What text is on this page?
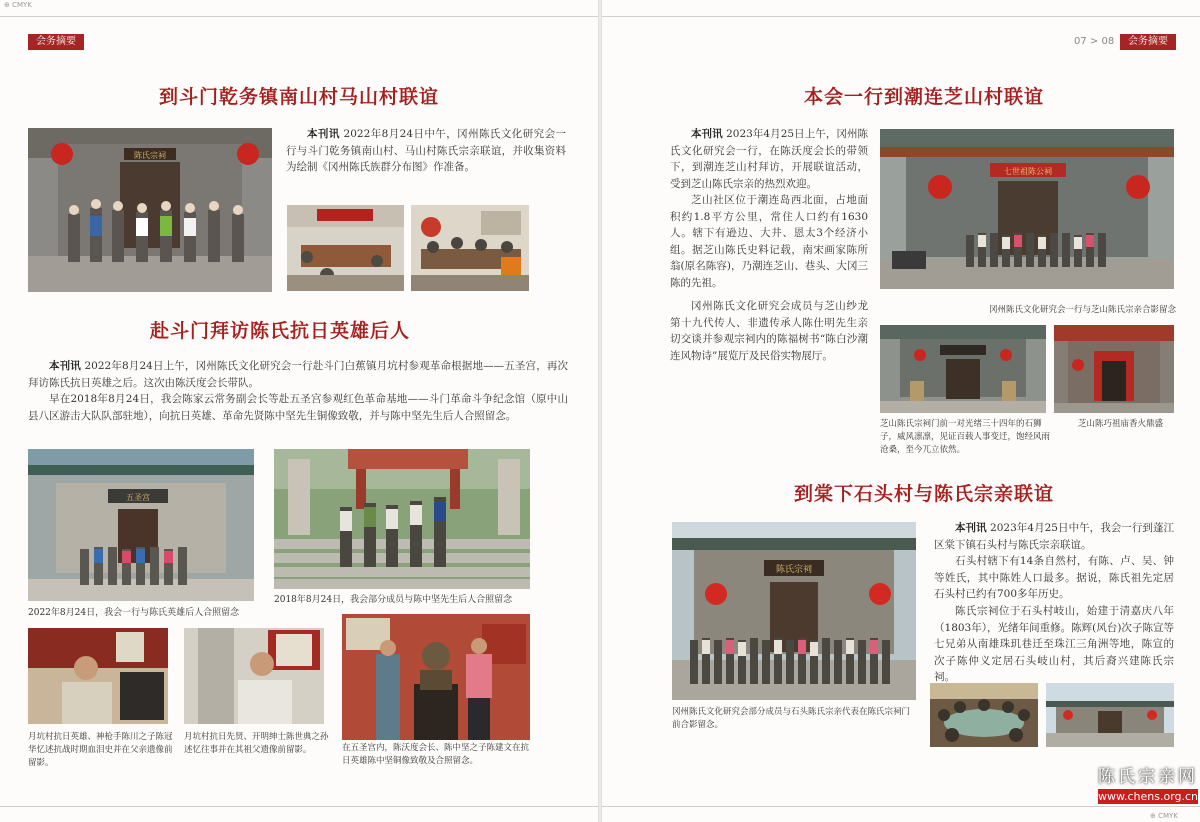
⊕ CMYK
会务摘要
到斗门乾务镇南山村马山村联谊
陈氏宗祠
本刊讯 2022年8月24日中午，冈州陈氏文化研究会一行与斗门乾务镇南山村、马山村陈氏宗亲联谊，并收集资料为绘制《冈州陈氏族群分布图》作准备。
赴斗门拜访陈氏抗日英雄后人
本刊讯 2022年8月24日上午，冈州陈氏文化研究会一行赴斗门白蕉镇月坑村参观革命根据地——五圣宫，再次拜访陈氏抗日英雄之后。这次由陈沃度会长带队。
早在2018年8月24日，我会陈家云常务副会长等赴五圣宫参观红色革命基地——斗门革命斗争纪念馆（原中山县八区游击大队队部驻地），向抗日英雄、革命先贤陈中坚先生铜像致敬，并与陈中坚先生后人合照留念。
五圣宫
2022年8月24日，我会一行与陈氏英雄后人合照留念
2018年8月24日，我会部分成员与陈中坚先生后人合照留念
月坑村抗日英雄、神枪手陈川之子陈冠华忆述抗战时期血泪史并在父亲遗像前留影。
月坑村抗日先贤、开明绅士陈世典之孙述忆往事并在其祖父遗像前留影。	在五圣宫内，陈沃度会长、陈中坚之子陈建文在抗日英雄陈中坚铜像致敬及合照留念。
07 > 08	会务摘要
本会一行到潮连芝山村联谊
本刊讯 2023年4月25日上午，冈州陈氏文化研究会一行，在陈沃度会长的带领下，到潮连芝山村拜访，开展联谊活动，受到芝山陈氏宗亲的热烈欢迎。
芝山社区位于潮连岛西北面，占地面积约1.8平方公里，常住人口约有1630人。辖下有逊边、大井、恩太3个经济小组。据芝山陈氏史料记载，南宋画家陈所翁(原名陈容)，乃潮连芝山、巷头、大冈三陈的先祖。
冈州陈氏文化研究会成员与芝山纱龙第十九代传人、非遗传承人陈仕明先生亲切交谈并参观宗祠内的陈福树书“陈白沙潮连风物诗”展览厅及民俗实物展厅。
七世祖陈公祠
冈州陈氏文化研究会一行与芝山陈氏宗亲合影留念
芝山陈氏宗祠门前一对光绪三十四年的石狮子，威风凛凛，见证百载人事变迁，饱经风雨沧桑，至今兀立依然。
芝山陈巧祖庙香火鼎盛
到棠下石头村与陈氏宗亲联谊
陈氏宗祠
冈州陈氏文化研究会部分成员与石头陈氏宗亲代表在陈氏宗祠门前合影留念。
本刊讯 2023年4月25日中午，我会一行到蓬江区棠下镇石头村与陈氏宗亲联谊。
石头村辖下有14条自然村，有陈、卢、吴、钟等姓氏，其中陈姓人口最多。据说，陈氏祖先定居石头村已约有700多年历史。
陈氏宗祠位于石头村岐山，始建于清嘉庆八年（1803年），光绪年间重修。陈辉(风台)次子陈宣等七兄弟从南雄珠玑巷迁至珠江三角洲等地，陈宣的次子陈仲义定居石头岐山村，其后裔兴建陈氏宗祠。
⊕ CMYK
陈氏宗亲网
www.chens.org.cn
